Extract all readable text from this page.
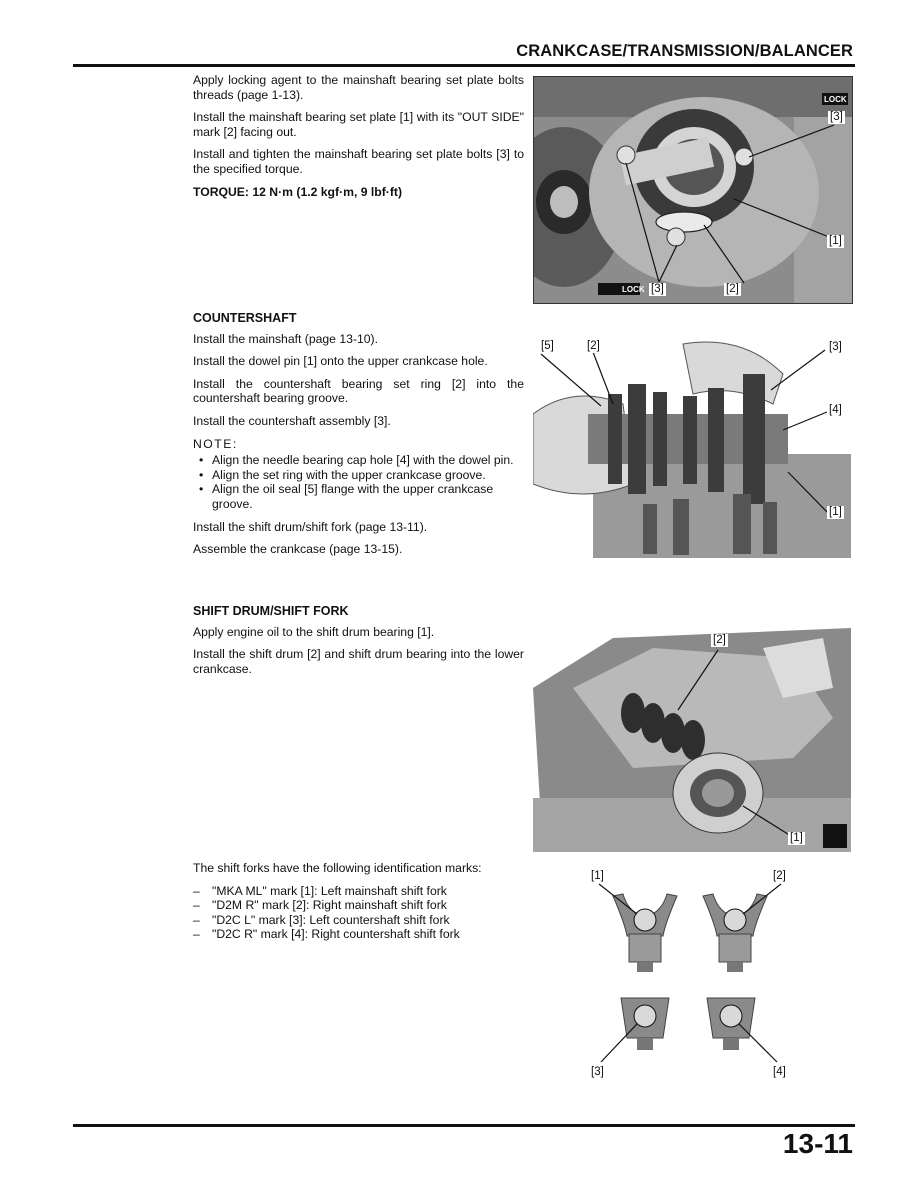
CRANKCASE/TRANSMISSION/BALANCER

Apply locking agent to the mainshaft bearing set plate bolts threads (page 1-13).

Install the mainshaft bearing set plate [1] with its "OUT SIDE" mark [2] facing out.

Install and tighten the mainshaft bearing set plate bolts [3] to the specified torque.

TORQUE: 12 N·m (1.2 kgf·m, 9 lbf·ft)

LOCK
LOCK
[3]
[1]
[3]	[2]
COUNTERSHAFT

Install the mainshaft (page 13-10).

Install the dowel pin [1] onto the upper crankcase hole.

Install the countershaft bearing set ring [2] into the countershaft bearing groove.

Install the countershaft assembly [3].

NOTE:

• Align the needle bearing cap hole [4] with the dowel pin.
• Align the set ring with the upper crankcase groove.
• Align the oil seal [5] flange with the upper crankcase groove.

Install the shift drum/shift fork (page 13-11).

Assemble the crankcase (page 13-15).

[5]	[2]	[3]
[4]
[1]
SHIFT DRUM/SHIFT FORK

Apply engine oil to the shift drum bearing [1].

Install the shift drum [2] and shift drum bearing into the lower crankcase.

[2]
[1]

The shift forks have the following identification marks:

– "MKA ML" mark [1]: Left mainshaft shift fork
– "D2M R" mark [2]: Right mainshaft shift fork
– "D2C L" mark [3]: Left countershaft shift fork
– "D2C R" mark [4]: Right countershaft shift fork
[1]	[2]
[3]	[4]
13-11
